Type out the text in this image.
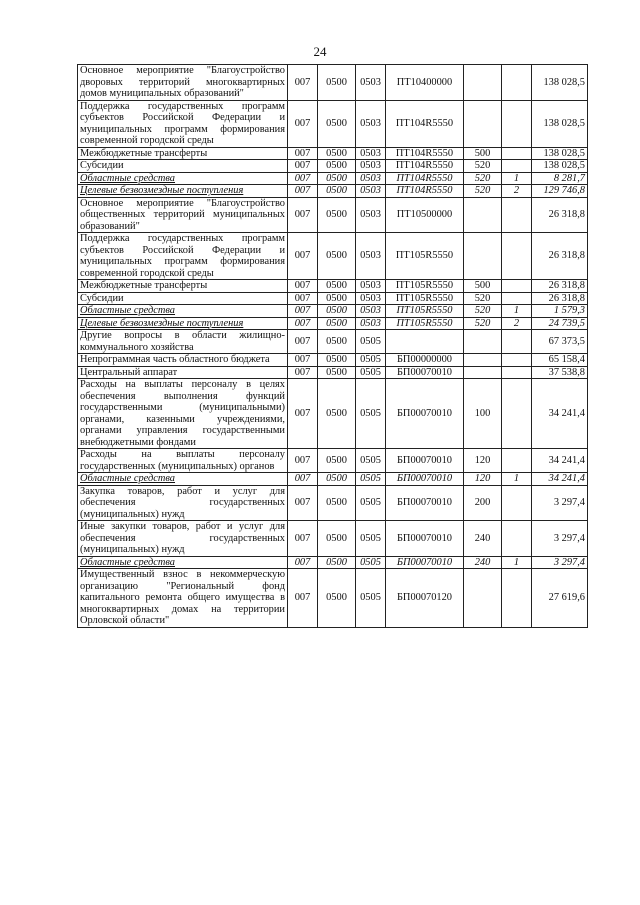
24
Основное мероприятие "Благоустройство дворовых территорий многоквартирных домов муниципальных образований"	007	0500	0503	ПТ10400000			138 028,5
Поддержка государственных программ субъектов Российской Федерации и муниципальных программ формирования современной городской среды	007	0500	0503	ПТ104R5550			138 028,5
Межбюджетные трансферты	007	0500	0503	ПТ104R5550	500		138 028,5
Субсидии	007	0500	0503	ПТ104R5550	520		138 028,5
Областные средства	007	0500	0503	ПТ104R5550	520	1	8 281,7
Целевые безвозмездные поступления	007	0500	0503	ПТ104R5550	520	2	129 746,8
Основное мероприятие "Благоустройство общественных территорий муниципальных образований"	007	0500	0503	ПТ10500000			26 318,8
Поддержка государственных программ субъектов Российской Федерации и муниципальных программ формирования современной городской среды	007	0500	0503	ПТ105R5550			26 318,8
Межбюджетные трансферты	007	0500	0503	ПТ105R5550	500		26 318,8
Субсидии	007	0500	0503	ПТ105R5550	520		26 318,8
Областные средства	007	0500	0503	ПТ105R5550	520	1	1 579,3
Целевые безвозмездные поступления	007	0500	0503	ПТ105R5550	520	2	24 739,5
Другие вопросы в области жилищно-коммунального хозяйства	007	0500	0505				67 373,5
Непрограммная часть областного бюджета	007	0500	0505	БП00000000			65 158,4
Центральный аппарат	007	0500	0505	БП00070010			37 538,8
Расходы на выплаты персоналу в целях обеспечения выполнения функций государственными (муниципальными) органами, казенными учреждениями, органами управления государственными внебюджетными фондами	007	0500	0505	БП00070010	100		34 241,4
Расходы на выплаты персоналу государственных (муниципальных) органов	007	0500	0505	БП00070010	120		34 241,4
Областные средства	007	0500	0505	БП00070010	120	1	34 241,4
Закупка товаров, работ и услуг для обеспечения государственных (муниципальных) нужд	007	0500	0505	БП00070010	200		3 297,4
Иные закупки товаров, работ и услуг для обеспечения государственных (муниципальных) нужд	007	0500	0505	БП00070010	240		3 297,4
Областные средства	007	0500	0505	БП00070010	240	1	3 297,4
Имущественный взнос в некоммерческую организацию "Региональный фонд капитального ремонта общего имущества в многоквартирных домах на территории Орловской области"	007	0500	0505	БП00070120			27 619,6
